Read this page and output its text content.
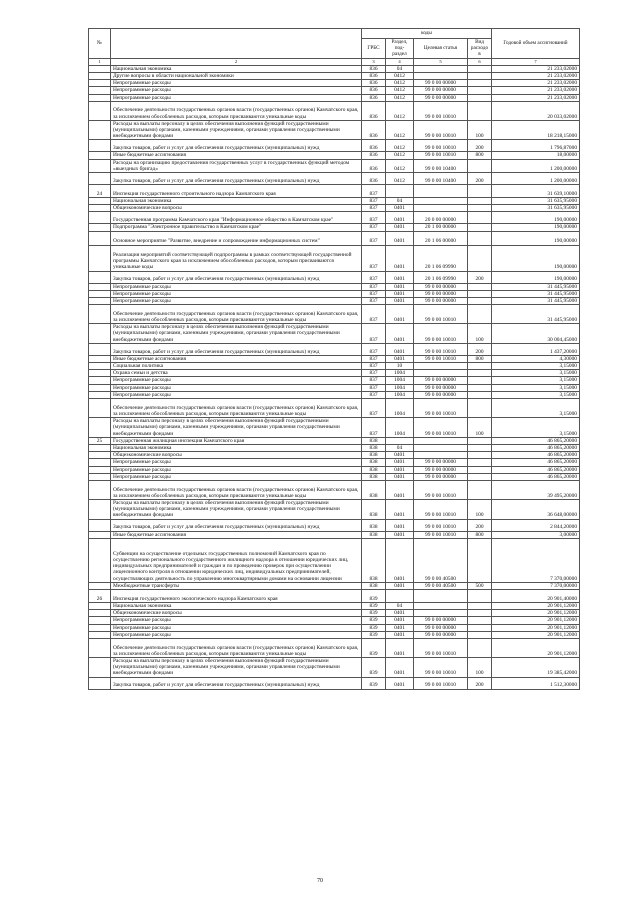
№		коды				Годовой объем ассигнований
		ГРБС	Раздел, под-раздел	Целевая статья	Вид расходов	
1	2	3	4	5	6	7
	Национальная экономика	836	04			21 233,02000
	Другие вопросы в области национальной экономики	836	0412			21 233,02000
	Непрограммные расходы	836	0412	99 0 00 00000		21 233,02000
	Непрограммные расходы	836	0412	99 0 00 00000		21 233,02000
	Непрограммные расходы	836	0412	99 0 00 00000		21 233,02000
	Обеспечение деятельности государственных органов власти (государственных органов) Камчатского края, за исключением обособленных расходов, которым присваиваются уникальные коды	836	0412	99 0 00 10010		20 033,02000
	Расходы на выплаты персоналу в целях обеспечения выполнения функций государственными (муниципальными) органами, казенными учреждениями, органами управления государственными внебюджетными фондами	836	0412	99 0 00 10010	100	18 218,15000
	Закупка товаров, работ и услуг для обеспечения государственных (муниципальных) нужд	836	0412	99 0 00 10010	200	1 796,87000
	Иные бюджетные ассигнования	836	0412	99 0 00 10010	800	18,00000
	Расходы на организацию предоставления государственных услуг в государственных функций методом «выездных бригад»	836	0412	99 0 00 10400		1 200,00000
	Закупка товаров, работ и услуг для обеспечения государственных (муниципальных) нужд	836	0412	99 0 00 10400	200	1 200,00000
24	Инспекция государственного строительного надзора Камчатского края	837				31 639,10000
	Национальная экономика	837	04			31 635,95000
	Общеэкономические вопросы	837	0401			31 635,95000
	Государственная программа Камчатского края "Информационное общество в Камчатском крае"	837	0401	20 0 00 00000		190,00000
	Подпрограмма "Электронное правительство в Камчатском крае"	837	0401	20 1 00 00000		190,00000
	Основное мероприятие "Развитие, внедрение и сопровождение информационных систем"	837	0401	20 1 06 00000		190,00000
	Реализация мероприятий соответствующей подпрограммы в рамках соответствующей государственной программы Камчатского края за исключением обособленных расходов, которым присваиваются уникальные коды	837	0401	20 1 06 09990		190,00000
	Закупка товаров, работ и услуг для обеспечения государственных (муниципальных) нужд	837	0401	20 1 06 09990	200	190,00000
	Непрограммные расходы	837	0401	99 0 00 00000		31 445,95000
	Непрограммные расходы	837	0401	99 0 00 00000		31 445,95000
	Непрограммные расходы	837	0401	99 0 00 00000		31 445,95000
	Обеспечение деятельности государственных органов власти (государственных органов) Камчатского края, за исключением обособленных расходов, которым присваиваются уникальные коды	837	0401	99 0 00 10010		31 445,95000
	Расходы на выплаты персоналу в целях обеспечения выполнения функций государственными (муниципальными) органами, казенными учреждениями, органами управления государственными внебюджетными фондами	837	0401	99 0 00 10010	100	30 004,45000
	Закупка товаров, работ и услуг для обеспечения государственных (муниципальных) нужд	837	0401	99 0 00 10010	200	1 437,20000
	Иные бюджетные ассигнования	837	0401	99 0 00 10010	800	4,30000
	Социальная политика	837	10			3,15000
	Охрана семьи и детства	837	1004			3,15000
	Непрограммные расходы	837	1004	99 0 00 00000		3,15000
	Непрограммные расходы	837	1004	99 0 00 00000		3,15000
	Непрограммные расходы	837	1004	99 0 00 00000		3,15000
	Обеспечение деятельности государственных органов власти (государственных органов) Камчатского края, за исключением обособленных расходов, которым присваиваются уникальные коды	837	1004	99 0 00 10010		3,15000
	Расходы на выплаты персоналу в целях обеспечения выполнения функций государственными (муниципальными) органами, казенными учреждениями, органами управления государственными внебюджетными фондами	837	1004	99 0 00 10010	100	3,15000
25	Государственная жилищная инспекция Камчатского края	838				46 865,20000
	Национальная экономика	838	04			46 865,20000
	Общеэкономические вопросы	838	0401			46 865,20000
	Непрограммные расходы	838	0401	99 0 00 00000		46 865,20000
	Непрограммные расходы	838	0401	99 0 00 00000		46 865,20000
	Непрограммные расходы	838	0401	99 0 00 00000		46 865,20000
	Обеспечение деятельности государственных органов власти (государственных органов) Камчатского края, за исключением обособленных расходов, которым присваиваются уникальные коды	838	0401	99 0 00 10010		39 495,20000
	Расходы на выплаты персоналу в целях обеспечения выполнения функций государственными (муниципальными) органами, казенными учреждениями, органами управления государственными внебюджетными фондами	838	0401	99 0 00 10010	100	36 648,00000
	Закупка товаров, работ и услуг для обеспечения государственных (муниципальных) нужд	838	0401	99 0 00 10010	200	2 844,20000
	Иные бюджетные ассигнования	838	0401	99 0 00 10010	800	3,00000
	Субвенции на осуществление отдельных государственных полномочий Камчатского края по осуществлению регионального государственного жилищного надзора в отношении юридических лиц, индивидуальных предпринимателей и граждан и по проведению проверок при осуществлении лицензионного контроля в отношении юридических лиц, индивидуальных предпринимателей, осуществляющих деятельность по управлению многоквартирными домами на основании лицензии	838	0401	99 0 00 40500		7 370,00000
	Межбюджетные трансферты	838	0401	99 0 00 40500	500	7 370,00000
26	Инспекция государственного экологического надзора Камчатского края	839				20 901,40000
	Национальная экономика	839	04			20 901,12000
	Общеэкономические вопросы	839	0401			20 901,12000
	Непрограммные расходы	839	0401	99 0 00 00000		20 901,12000
	Непрограммные расходы	839	0401	99 0 00 00000		20 901,12000
	Непрограммные расходы	839	0401	99 0 00 00000		20 901,12000
	Обеспечение деятельности государственных органов власти (государственных органов) Камчатского края, за исключением обособленных расходов, которым присваиваются уникальные коды	839	0401	99 0 00 10010		20 901,12000
	Расходы на выплаты персоналу в целях обеспечения выполнения функций государственными (муниципальными) органами, казенными учреждениями, органами управления государственными внебюджетными фондами	839	0401	99 0 00 10010	100	19 385,42000
	Закупка товаров, работ и услуг для обеспечения государственных (муниципальных) нужд	839	0401	99 0 00 10010	200	1 512,30000
70
